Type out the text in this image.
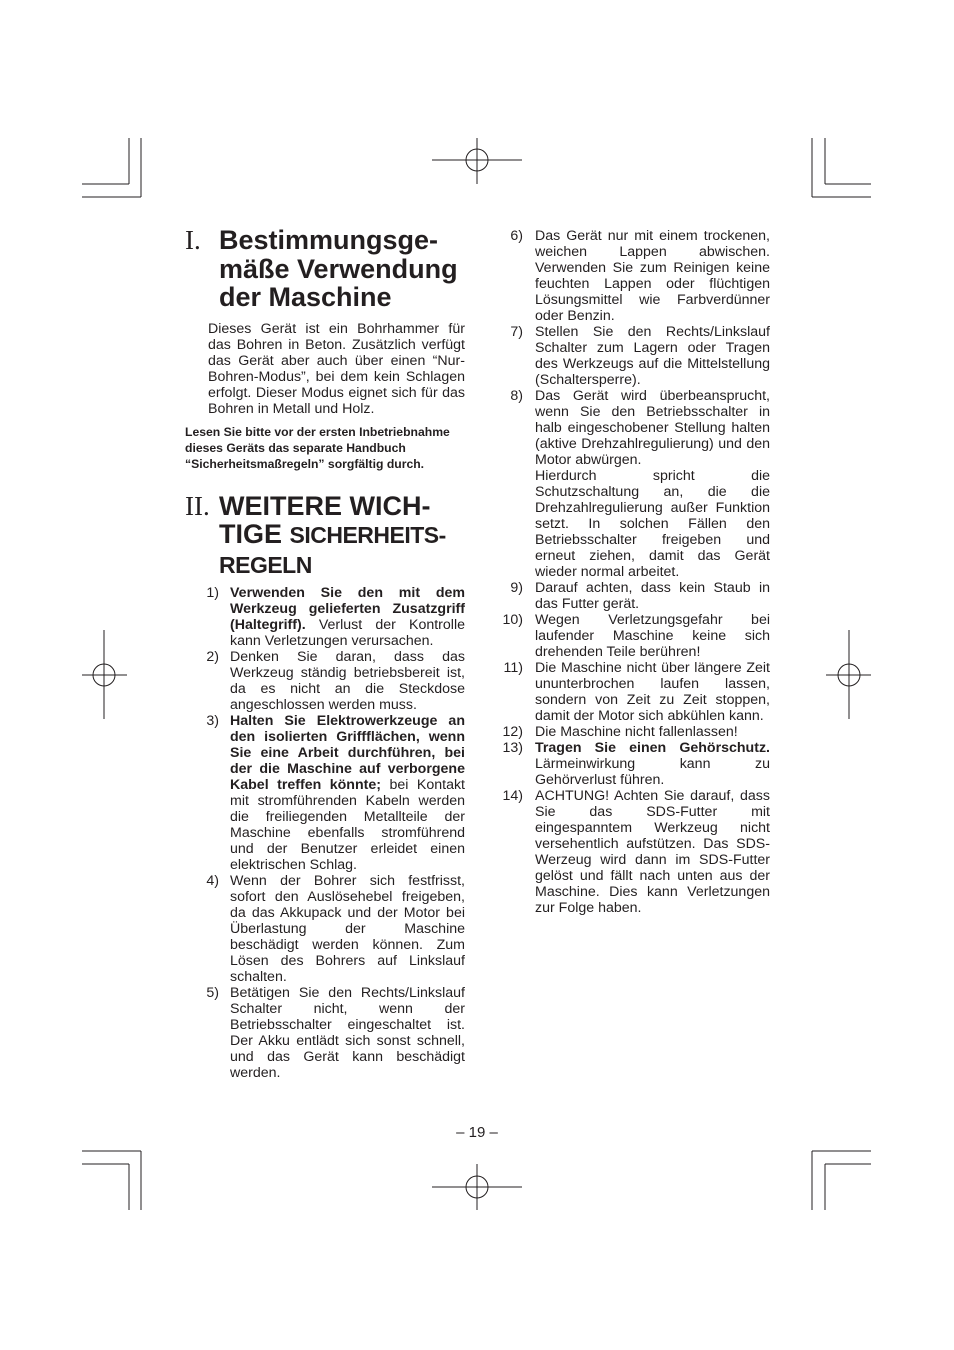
I. Bestimmungsge-
mäße Verwendung
der Maschine

Dieses Gerät ist ein Bohrhammer für das Bohren in Beton. Zusätzlich verfügt das Gerät aber auch über einen “Nur-Bohren-Modus”, bei dem kein Schlagen erfolgt. Dieser Modus eignet sich für das Bohren in Metall und Holz.

Lesen Sie bitte vor der ersten Inbetriebnahme dieses Geräts das separate Handbuch “Sicherheitsmaßregeln” sorgfältig durch.

II. WEITERE WICH-
TIGE SICHERHEITS-
REGELN
1) Verwenden Sie den mit dem Werkzeug gelieferten Zusatzgriff (Haltegriff). Verlust der Kontrolle kann Verletzungen verursachen.
2) Denken Sie daran, dass das Werkzeug ständig betriebsbereit ist, da es nicht an die Steckdose angeschlossen werden muss.
3) Halten Sie Elektrowerkzeuge an den isolierten Griffflächen, wenn Sie eine Arbeit durchführen, bei der die Maschine auf verborgene Kabel treffen könnte; bei Kontakt mit stromführenden Kabeln werden die freiliegenden Metallteile der Maschine ebenfalls stromführend und der Benutzer erleidet einen elektrischen Schlag.
4) Wenn der Bohrer sich festfrisst, sofort den Auslösehebel freigeben, da das Akkupack und der Motor bei Überlastung der Maschine beschädigt werden können. Zum Lösen des Bohrers auf Linkslauf schalten.
5) Betätigen Sie den Rechts/Linkslauf Schalter nicht, wenn der Betriebsschalter eingeschaltet ist. Der Akku entlädt sich sonst schnell, und das Gerät kann beschädigt werden.
6) Das Gerät nur mit einem trockenen, weichen Lappen abwischen. Verwenden Sie zum Reinigen keine feuchten Lappen oder flüchtigen Lösungsmittel wie Farbverdünner oder Benzin.
7) Stellen Sie den Rechts/Linkslauf Schalter zum Lagern oder Tragen des Werkzeugs auf die Mittelstellung (Schaltersperre).
8) Das Gerät wird überbeansprucht, wenn Sie den Betriebsschalter in halb eingeschobener Stellung halten (aktive Drehzahlregulierung) und den Motor abwürgen.
Hierdurch spricht die Schutzschaltung an, die die Drehzahlregulierung außer Funktion setzt. In solchen Fällen den Betriebsschalter freigeben und erneut ziehen, damit das Gerät wieder normal arbeitet.
9) Darauf achten, dass kein Staub in das Futter gerät.
10) Wegen Verletzungsgefahr bei laufender Maschine keine sich drehenden Teile berühren!
11) Die Maschine nicht über längere Zeit ununterbrochen laufen lassen, sondern von Zeit zu Zeit stoppen, damit der Motor sich abkühlen kann.
12) Die Maschine nicht fallenlassen!
13) Tragen Sie einen Gehörschutz. Lärmeinwirkung kann zu Gehörverlust führen.
14) ACHTUNG! Achten Sie darauf, dass Sie das SDS-Futter mit eingespanntem Werkzeug nicht versehentlich aufstützen. Das SDS-Werzeug wird dann im SDS-Futter gelöst und fällt nach unten aus der Maschine. Dies kann Verletzungen zur Folge haben.
– 19 –
